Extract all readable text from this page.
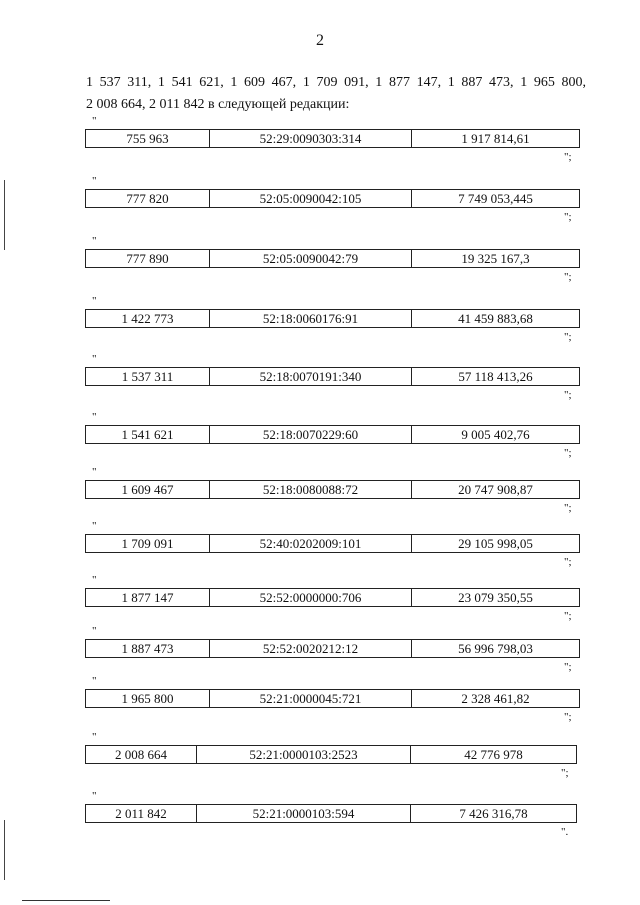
2

1 537 311, 1 541 621, 1 609 467, 1 709 091, 1 877 147, 1 887 473, 1 965 800,

2 008 664, 2 011 842 в следующей редакции:

"
755 963	52:29:0090303:314	1 917 814,61
";
"
777 820	52:05:0090042:105	7 749 053,445
";
"
777 890	52:05:0090042:79	19 325 167,3
";
"
1 422 773	52:18:0060176:91	41 459 883,68
";
"
1 537 311	52:18:0070191:340	57 118 413,26
";
"
1 541 621	52:18:0070229:60	9 005 402,76
";
"
1 609 467	52:18:0080088:72	20 747 908,87
";
"
1 709 091	52:40:0202009:101	29 105 998,05
";
"
1 877 147	52:52:0000000:706	23 079 350,55
";
"
1 887 473	52:52:0020212:12	56 996 798,03
";
"
1 965 800	52:21:0000045:721	2 328 461,82
";
"
2 008 664	52:21:0000103:2523	42 776 978
";
"
2 011 842	52:21:0000103:594	7 426 316,78
".
